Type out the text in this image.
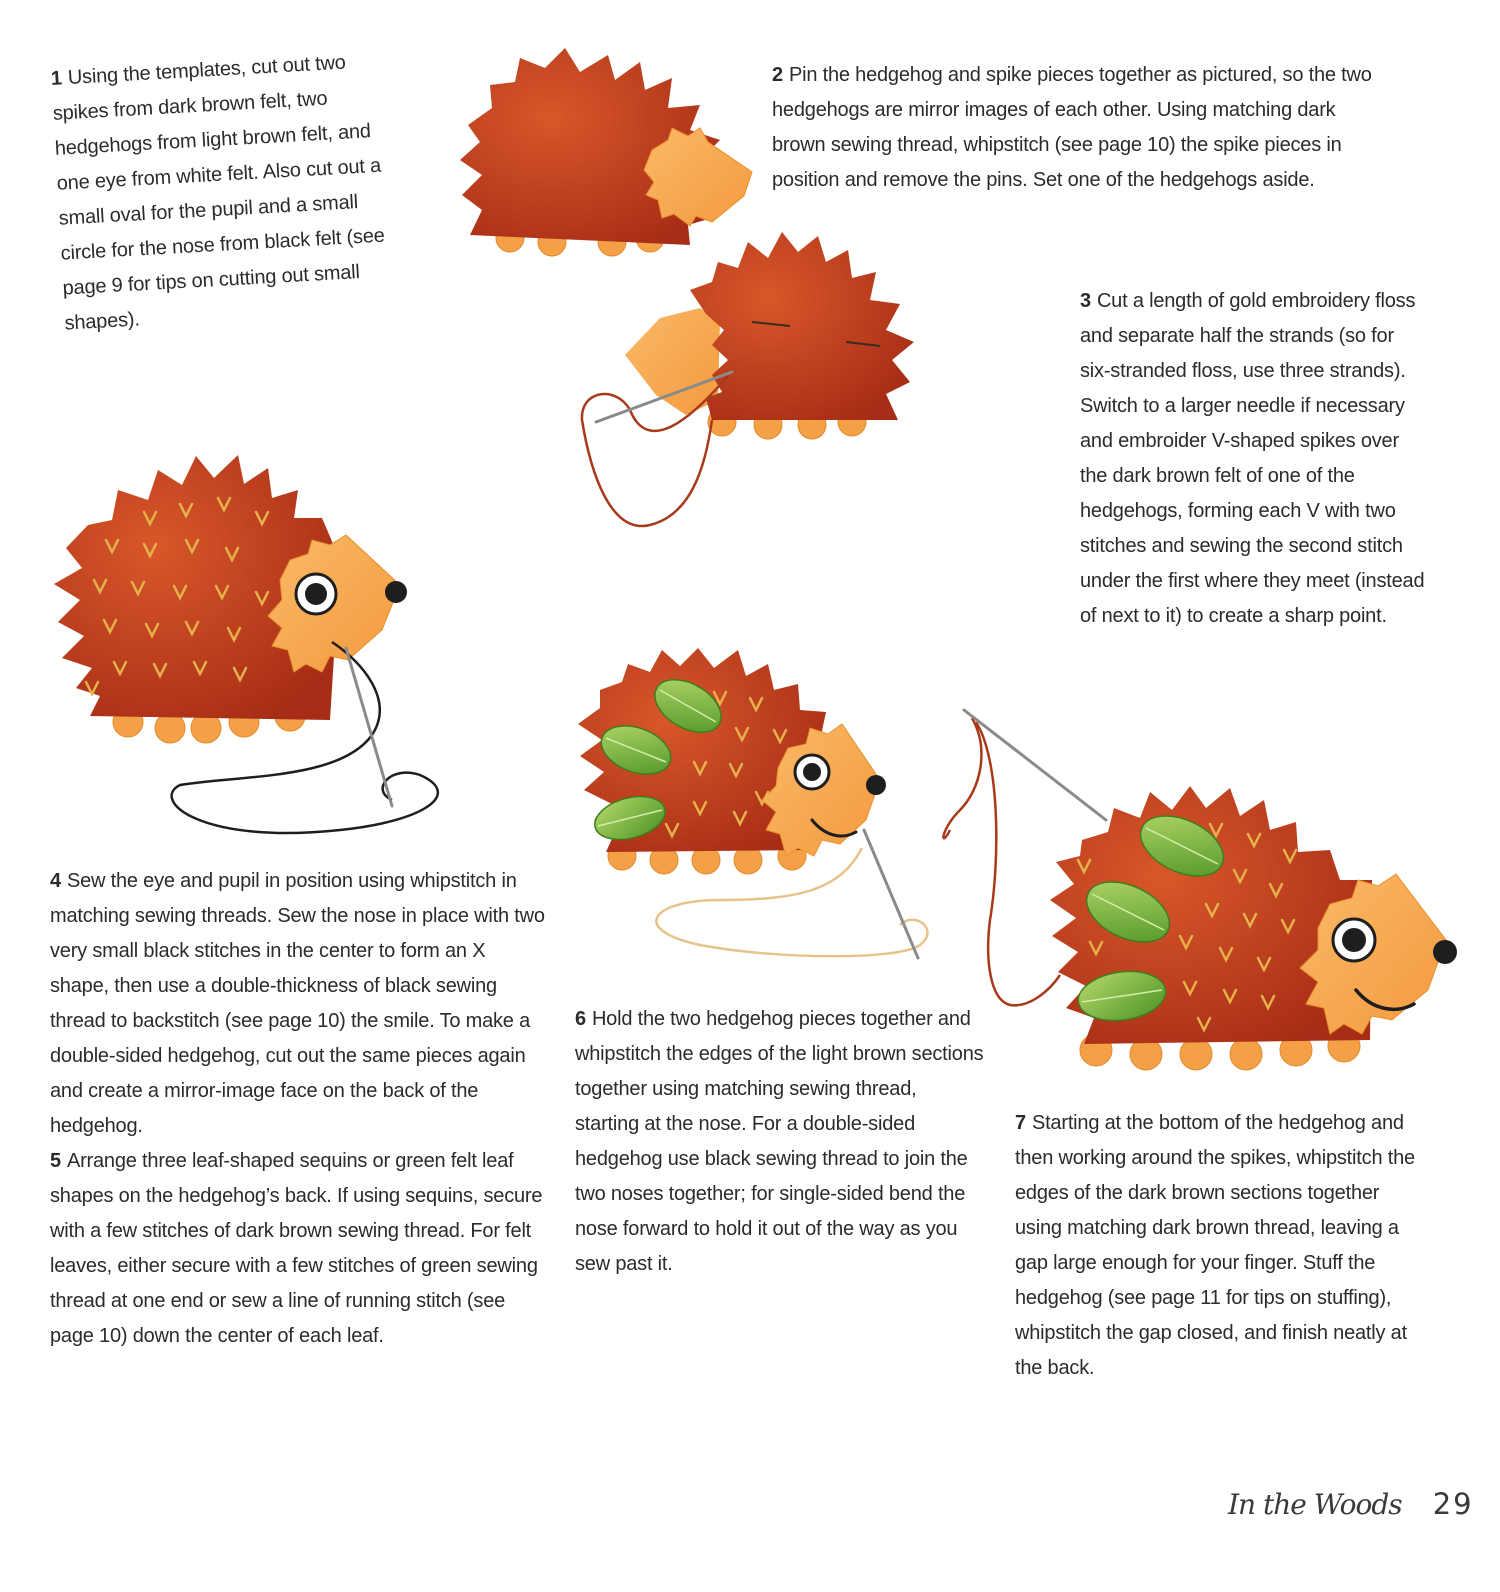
1 Using the templates, cut out two spikes from dark brown felt, two hedgehogs from light brown felt, and one eye from white felt. Also cut out a small oval for the pupil and a small circle for the nose from black felt (see page 9 for tips on cutting out small shapes).

2 Pin the hedgehog and spike pieces together as pictured, so the two hedgehogs are mirror images of each other. Using matching dark brown sewing thread, whipstitch (see page 10) the spike pieces in position and remove the pins. Set one of the hedgehogs aside.

3 Cut a length of gold embroidery floss and separate half the strands (so for six-stranded floss, use three strands). Switch to a larger needle if necessary and embroider V-shaped spikes over the dark brown felt of one of the hedgehogs, forming each V with two stitches and sewing the second stitch under the first where they meet (instead of next to it) to create a sharp point.

4 Sew the eye and pupil in position using whipstitch in matching sewing threads. Sew the nose in place with two very small black stitches in the center to form an X shape, then use a double-thickness of black sewing thread to backstitch (see page 10) the smile. To make a double-sided hedgehog, cut out the same pieces again and create a mirror-image face on the back of the hedgehog.

5 Arrange three leaf-shaped sequins or green felt leaf shapes on the hedgehog’s back. If using sequins, secure with a few stitches of dark brown sewing thread. For felt leaves, either secure with a few stitches of green sewing thread at one end or sew a line of running stitch (see page 10) down the center of each leaf.

6 Hold the two hedgehog pieces together and whipstitch the edges of the light brown sections together using matching sewing thread, starting at the nose. For a double-sided hedgehog use black sewing thread to join the two noses together; for single-sided bend the nose forward to hold it out of the way as you sew past it.

7 Starting at the bottom of the hedgehog and then working around the spikes, whipstitch the edges of the dark brown sections together using matching dark brown thread, leaving a gap large enough for your finger. Stuff the hedgehog (see page 11 for tips on stuffing), whipstitch the gap closed, and finish neatly at the back.

In the Woods 29
